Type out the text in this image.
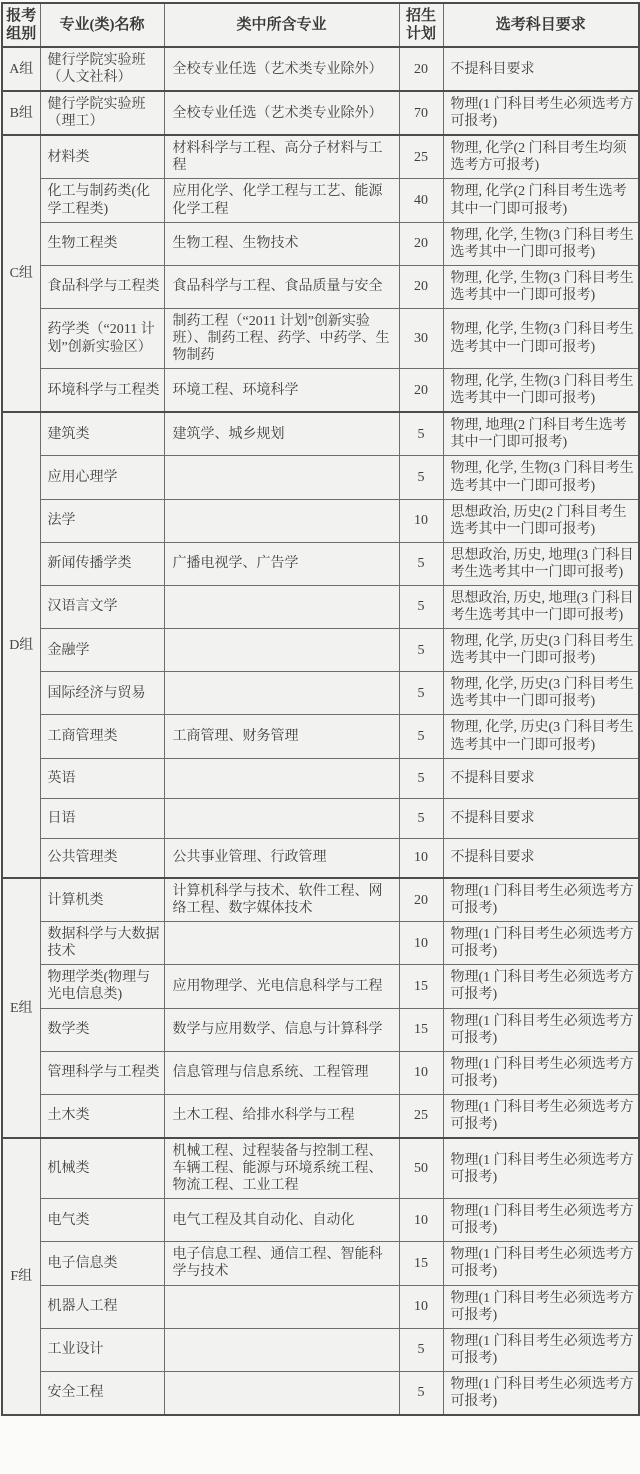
报考组别	专业(类)名称	类中所含专业	招生计划	选考科目要求
A组	健行学院实验班（人文社科）	全校专业任选（艺术类专业除外）	20	不提科目要求
B组	健行学院实验班（理工）	全校专业任选（艺术类专业除外）	70	物理(1 门科目考生必须选考方可报考)
C组	材料类	材料科学与工程、高分子材料与工程	25	物理, 化学(2 门科目考生均须选考方可报考)
	化工与制药类(化学工程类)	应用化学、化学工程与工艺、能源化学工程	40	物理, 化学(2 门科目考生选考其中一门即可报考)
	生物工程类	生物工程、生物技术	20	物理, 化学, 生物(3 门科目考生选考其中一门即可报考)
	食品科学与工程类	食品科学与工程、食品质量与安全	20	物理, 化学, 生物(3 门科目考生选考其中一门即可报考)
	药学类（“2011 计划”创新实验区）	制药工程（“2011 计划”创新实验班）、制药工程、药学、中药学、生物制药	30	物理, 化学, 生物(3 门科目考生选考其中一门即可报考)
	环境科学与工程类	环境工程、环境科学	20	物理, 化学, 生物(3 门科目考生选考其中一门即可报考)
D组	建筑类	建筑学、城乡规划	5	物理, 地理(2 门科目考生选考其中一门即可报考)
	应用心理学		5	物理, 化学, 生物(3 门科目考生选考其中一门即可报考)
	法学		10	思想政治, 历史(2 门科目考生选考其中一门即可报考)
	新闻传播学类	广播电视学、广告学	5	思想政治, 历史, 地理(3 门科目考生选考其中一门即可报考)
	汉语言文学		5	思想政治, 历史, 地理(3 门科目考生选考其中一门即可报考)
	金融学		5	物理, 化学, 历史(3 门科目考生选考其中一门即可报考)
	国际经济与贸易		5	物理, 化学, 历史(3 门科目考生选考其中一门即可报考)
	工商管理类	工商管理、财务管理	5	物理, 化学, 历史(3 门科目考生选考其中一门即可报考)
	英语		5	不提科目要求
	日语		5	不提科目要求
	公共管理类	公共事业管理、行政管理	10	不提科目要求
E组	计算机类	计算机科学与技术、软件工程、网络工程、数字媒体技术	20	物理(1 门科目考生必须选考方可报考)
	数据科学与大数据技术		10	物理(1 门科目考生必须选考方可报考)
	物理学类(物理与光电信息类)	应用物理学、光电信息科学与工程	15	物理(1 门科目考生必须选考方可报考)
	数学类	数学与应用数学、信息与计算科学	15	物理(1 门科目考生必须选考方可报考)
	管理科学与工程类	信息管理与信息系统、工程管理	10	物理(1 门科目考生必须选考方可报考)
	土木类	土木工程、给排水科学与工程	25	物理(1 门科目考生必须选考方可报考)
F组	机械类	机械工程、过程装备与控制工程、车辆工程、能源与环境系统工程、物流工程、工业工程	50	物理(1 门科目考生必须选考方可报考)
	电气类	电气工程及其自动化、自动化	10	物理(1 门科目考生必须选考方可报考)
	电子信息类	电子信息工程、通信工程、智能科学与技术	15	物理(1 门科目考生必须选考方可报考)
	机器人工程		10	物理(1 门科目考生必须选考方可报考)
	工业设计		5	物理(1 门科目考生必须选考方可报考)
	安全工程		5	物理(1 门科目考生必须选考方可报考)
